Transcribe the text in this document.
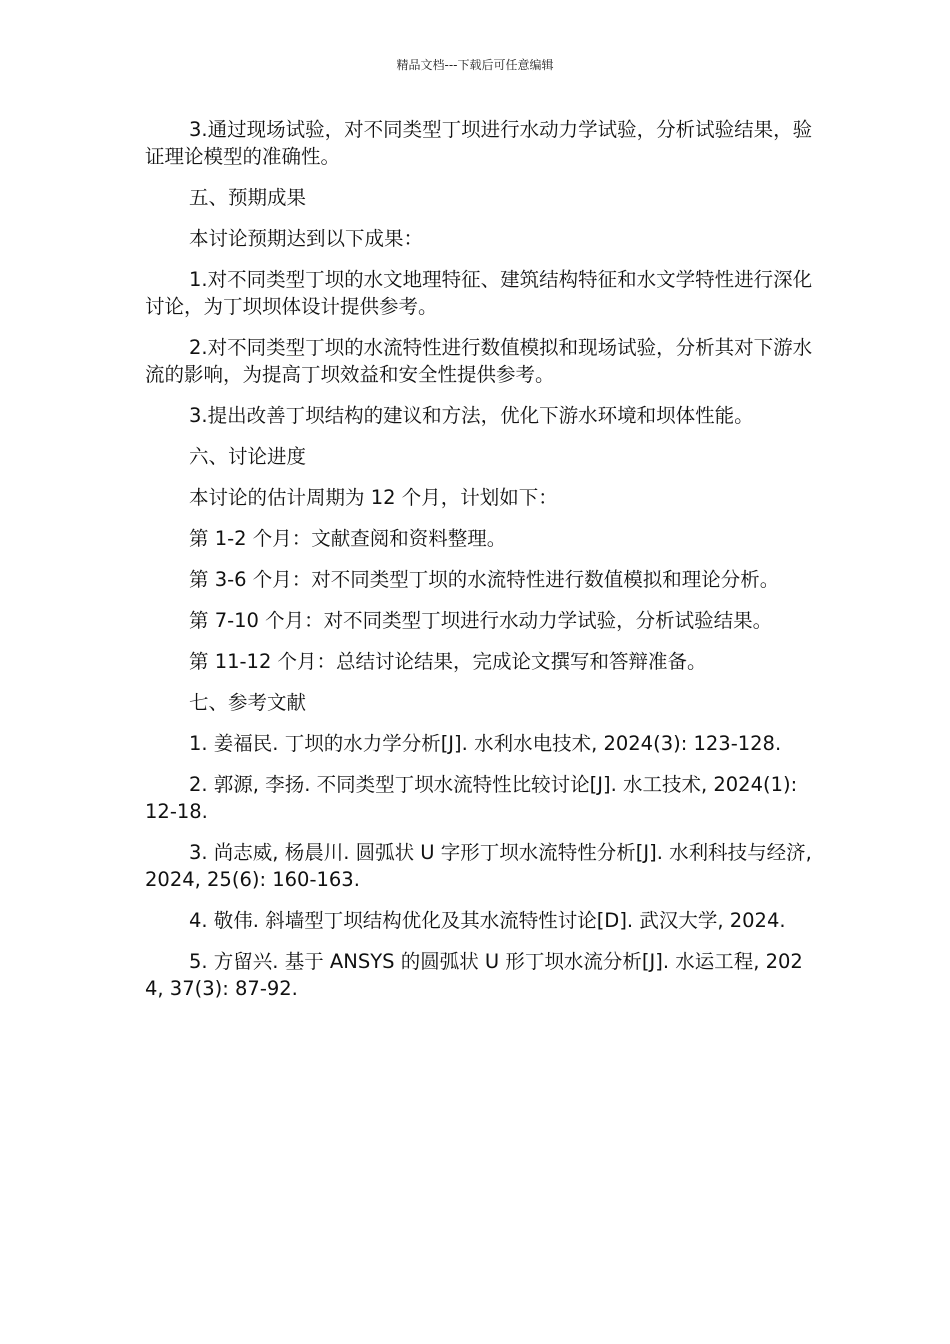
精品文档---下载后可任意编辑

3.通过现场试验，对不同类型丁坝进行水动力学试验，分析试验结果，验证理论模型的准确性。

五、预期成果

本讨论预期达到以下成果：

1.对不同类型丁坝的水文地理特征、建筑结构特征和水文学特性进行深化讨论，为丁坝坝体设计提供参考。

2.对不同类型丁坝的水流特性进行数值模拟和现场试验，分析其对下游水流的影响，为提高丁坝效益和安全性提供参考。

3.提出改善丁坝结构的建议和方法，优化下游水环境和坝体性能。

六、讨论进度

本讨论的估计周期为 12 个月，计划如下：

第 1-2 个月：文献查阅和资料整理。

第 3-6 个月：对不同类型丁坝的水流特性进行数值模拟和理论分析。

第 7-10 个月：对不同类型丁坝进行水动力学试验，分析试验结果。

第 11-12 个月：总结讨论结果，完成论文撰写和答辩准备。

七、参考文献

1. 姜福民. 丁坝的水力学分析[J]. 水利水电技术, 2024(3): 123-128.

2. 郭源, 李扬. 不同类型丁坝水流特性比较讨论[J]. 水工技术, 2024(1): 12-18.

3. 尚志威, 杨晨川. 圆弧状 U 字形丁坝水流特性分析[J]. 水利科技与经济, 2024, 25(6): 160-163.

4. 敬伟. 斜墙型丁坝结构优化及其水流特性讨论[D]. 武汉大学, 2024.

5. 方留兴. 基于 ANSYS 的圆弧状 U 形丁坝水流分析[J]. 水运工程, 2024, 37(3): 87-92.
